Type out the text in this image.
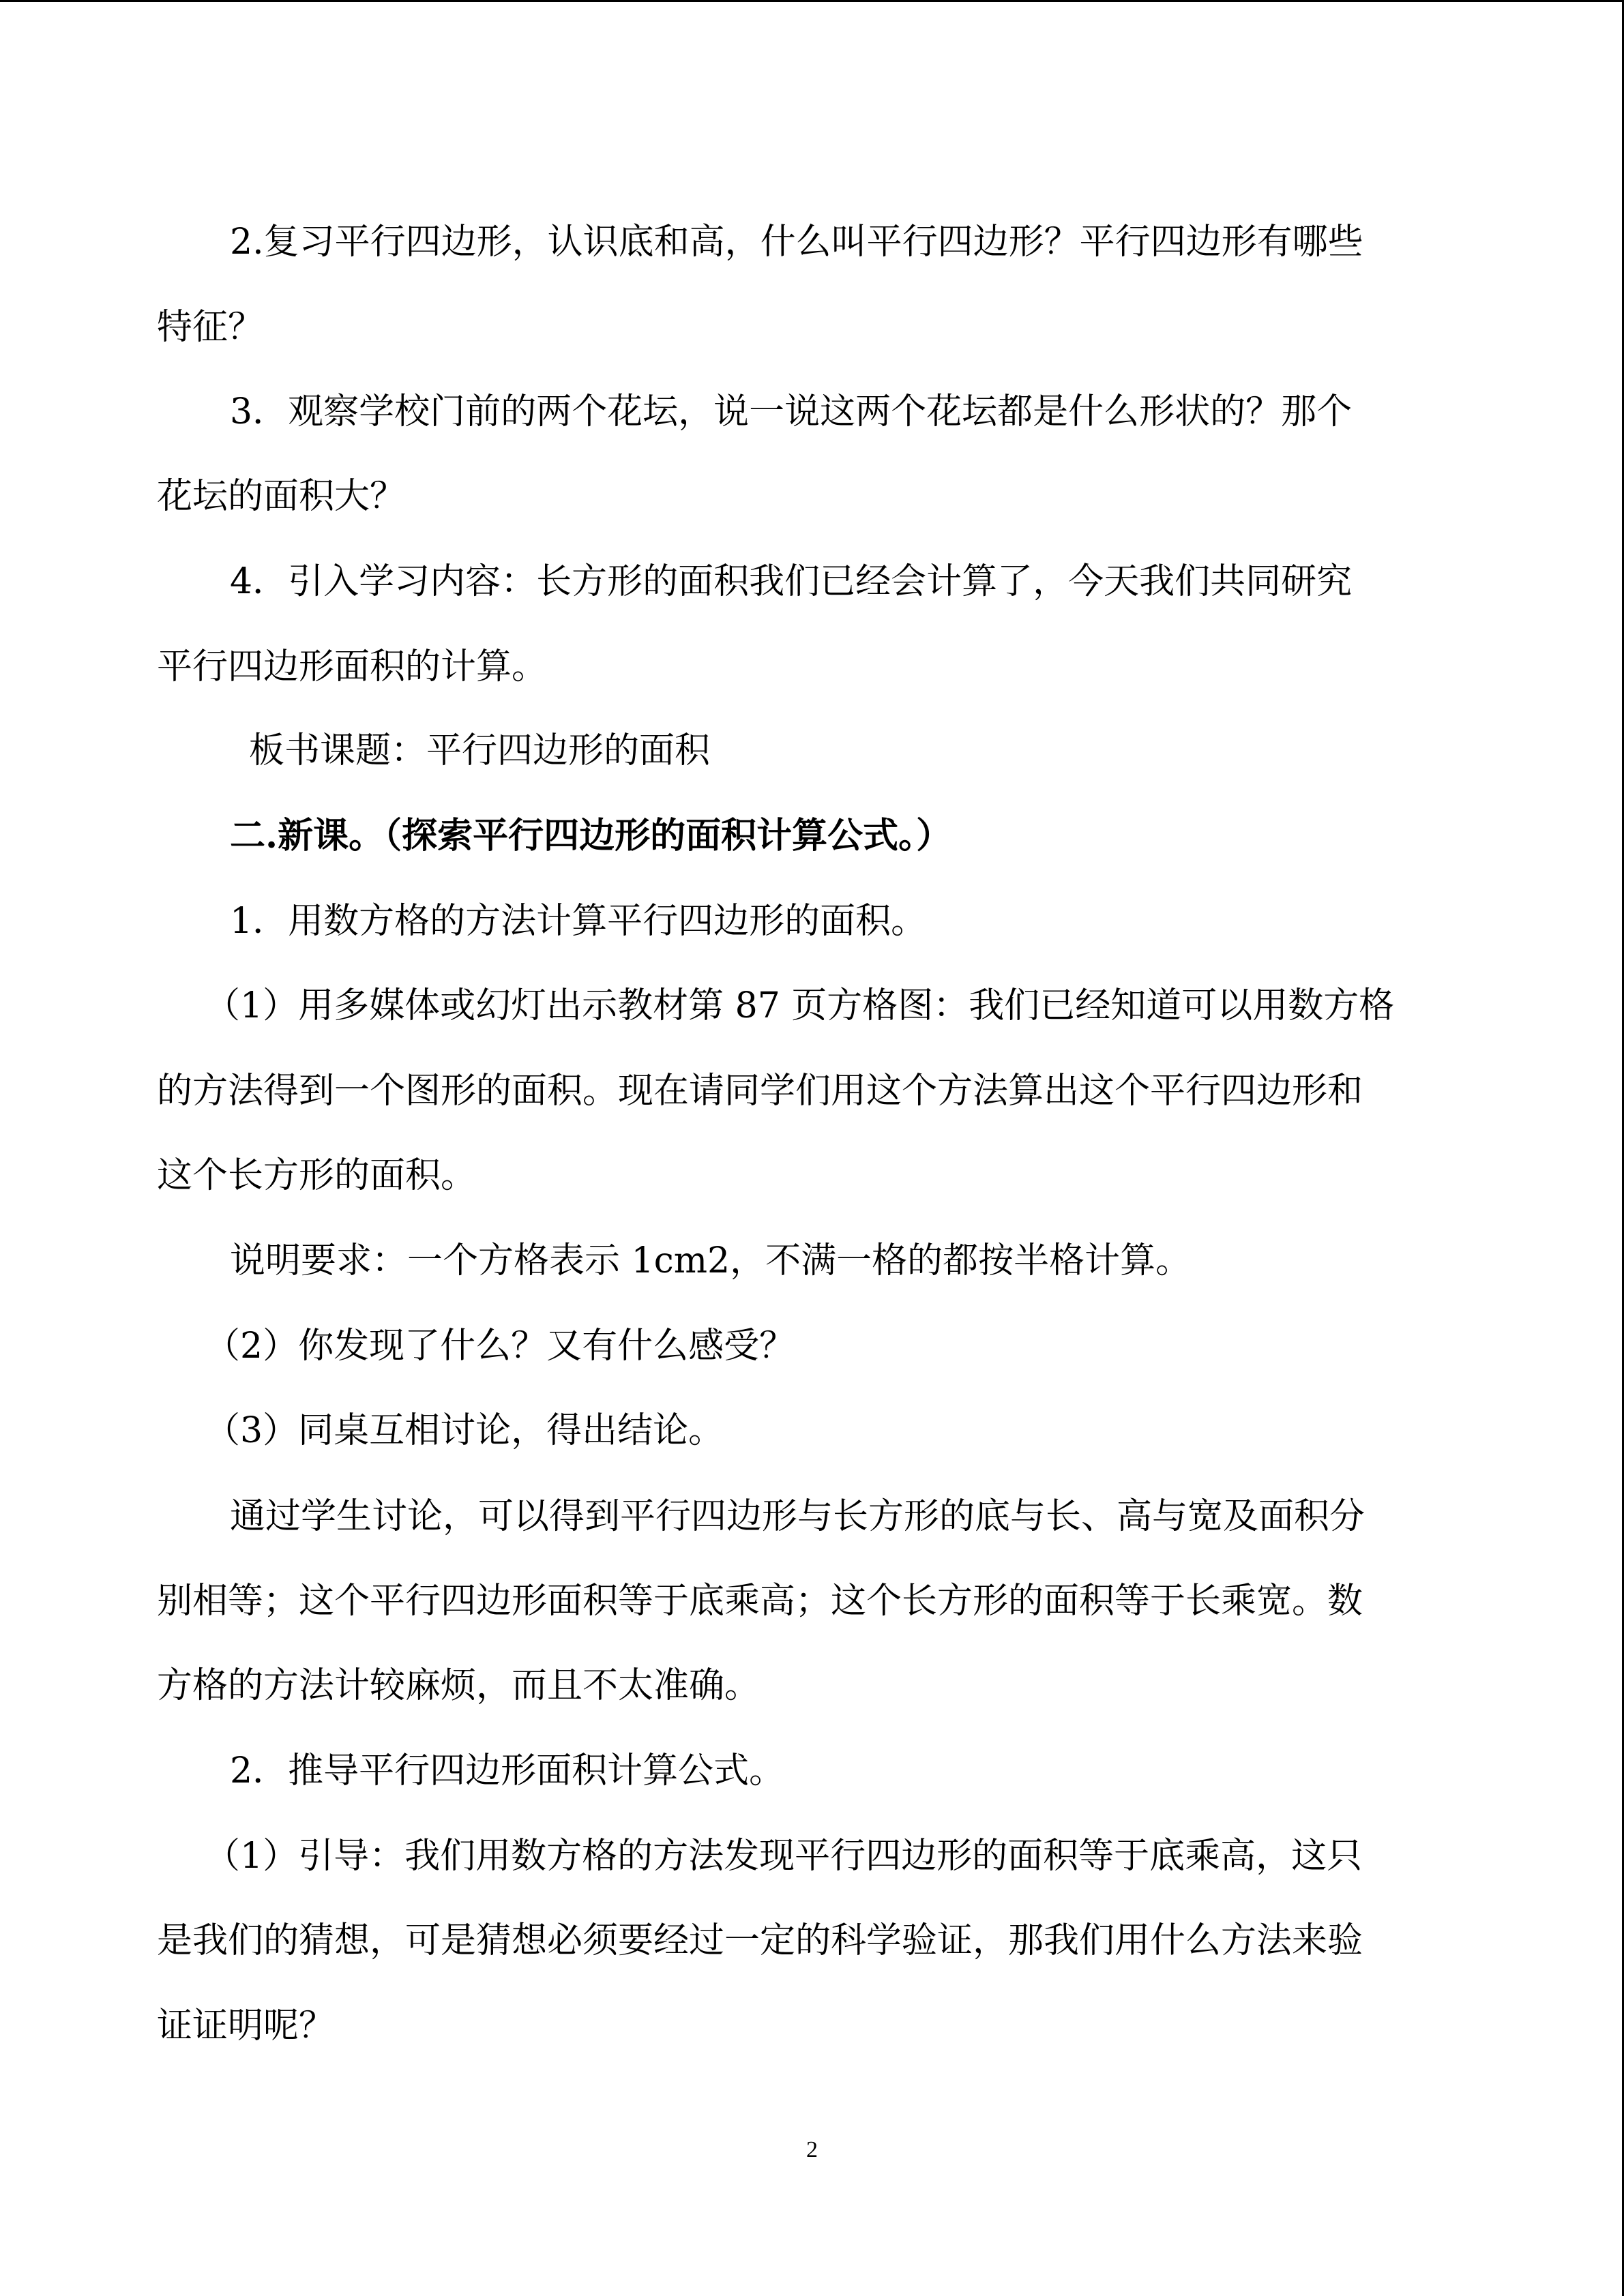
2.复习平行四边形，认识底和高，什么叫平行四边形？平行四边形有哪些
特征？
3．观察学校门前的两个花坛，说一说这两个花坛都是什么形状的？那个
花坛的面积大？
4．引入学习内容：长方形的面积我们已经会计算了，今天我们共同研究
平行四边形面积的计算。
板书课题：平行四边形的面积
二.新课。（探索平行四边形的面积计算公式。）
1．用数方格的方法计算平行四边形的面积。
（1）用多媒体或幻灯出示教材第 87 页方格图：我们已经知道可以用数方格
的方法得到一个图形的面积。现在请同学们用这个方法算出这个平行四边形和
这个长方形的面积。
说明要求：一个方格表示 1cm2，不满一格的都按半格计算。
（2）你发现了什么？又有什么感受？
（3）同桌互相讨论，得出结论。
通过学生讨论，可以得到平行四边形与长方形的底与长、高与宽及面积分
别相等；这个平行四边形面积等于底乘高；这个长方形的面积等于长乘宽。数
方格的方法计较麻烦，而且不太准确。
2．推导平行四边形面积计算公式。
（1）引导：我们用数方格的方法发现平行四边形的面积等于底乘高，这只
是我们的猜想，可是猜想必须要经过一定的科学验证，那我们用什么方法来验
证证明呢？
2
